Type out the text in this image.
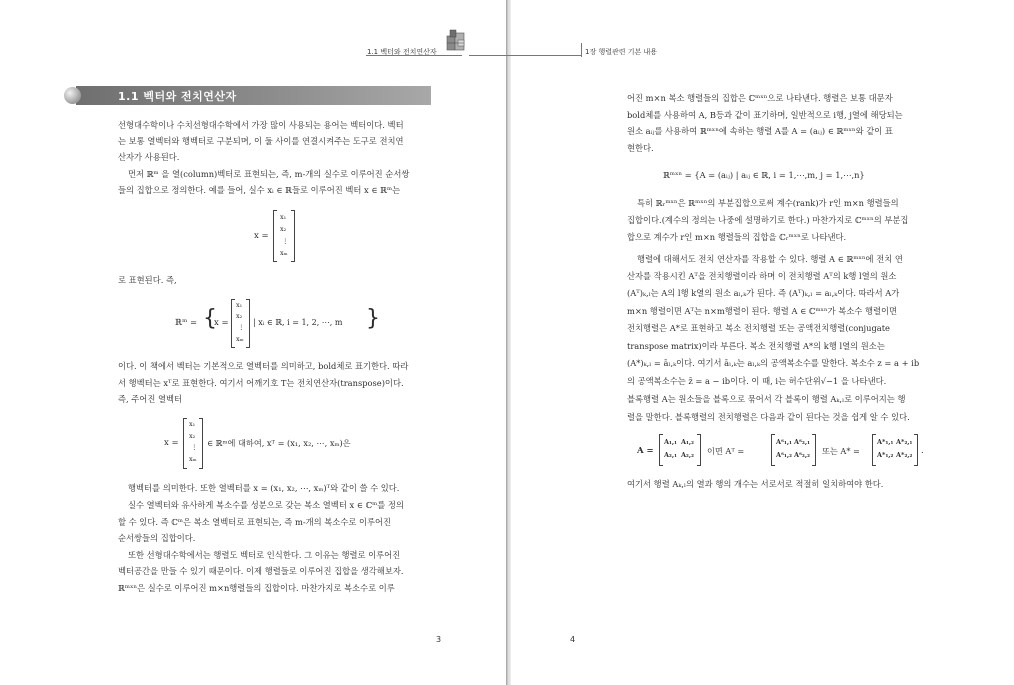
1.1 벡터와 전치연산자
1.1 벡터와 전치연산자
선형대수학이나 수치선형대수학에서 가장 많이 사용되는 용어는 벡터이다. 벡터
는 보통 열벡터와 행벡터로 구분되며, 이 둘 사이를 연결시켜주는 도구로 전치연
산자가 사용된다.
먼저 ℝᵐ 을 열(column)벡터로 표현되는, 즉, m-개의 실수로 이루어진 순서쌍
들의 집합으로 정의한다. 예를 들어, 실수 xᵢ ∈ ℝ들로 이루어진 벡터 x ∈ ℝᵐ는
x =
x₁
x₂
⋮
xₘ
로 표현된다. 즉,
ℝᵐ = {
x =
x₁
x₂
⋮
xₘ
| xᵢ ∈ ℝ, i = 1, 2, ⋯, m }
이다. 이 책에서 벡터는 기본적으로 열벡터를 의미하고, bold체로 표기한다. 따라
서 행벡터는 xᵀ로 표현한다. 여기서 어깨기호 T는 전치연산자(transpose)이다.
즉, 주어진 열벡터
x =
x₁
x₂
⋮
xₘ
∈ ℝᵐ에 대하여, xᵀ = (x₁, x₂, ⋯, xₘ)은
행벡터를 의미한다. 또한 열벡터를 x = (x₁, x₂, ⋯, xₘ)ᵀ와 같이 쓸 수 있다.
실수 열벡터와 유사하게 복소수를 성분으로 갖는 복소 열벡터 x ∈ ℂᵐ를 정의
할 수 있다. 즉 ℂᵐ은 복소 열벡터로 표현되는, 즉 m-개의 복소수로 이루어진
순서쌍들의 집합이다.
또한 선형대수학에서는 행렬도 벡터로 인식한다. 그 이유는 행렬로 이루어진
벡터공간을 만들 수 있기 때문이다. 이제 행렬들로 이루어진 집합을 생각해보자.
ℝᵐˣⁿ은 실수로 이루어진 m×n행렬들의 집합이다. 마찬가지로 복소수로 이루
3
1장 행렬관련 기본 내용
어진 m×n 복소 행렬들의 집합은 ℂᵐˣⁿ으로 나타낸다. 행렬은 보통 대문자
bold체를 사용하여 A, B등과 같이 표기하며, 일반적으로 i행, j열에 해당되는
원소 aᵢⱼ를 사용하여 ℝᵐˣⁿ에 속하는 행렬 A를 A = (aᵢⱼ) ∈ ℝᵐˣⁿ와 같이 표
현한다.
ℝᵐˣⁿ = {A = (aᵢⱼ) | aᵢⱼ ∈ ℝ, i = 1,⋯,m, j = 1,⋯,n}
특히 ℝᵣᵐˣⁿ은 ℝᵐˣⁿ의 부분집합으로써 계수(rank)가 r인 m×n 행렬들의
집합이다.(계수의 정의는 나중에 설명하기로 한다.) 마찬가지로 ℂᵐˣⁿ의 부분집
합으로 계수가 r인 m×n 행렬들의 집합을 ℂᵣᵐˣⁿ로 나타낸다.
행렬에 대해서도 전치 연산자를 작용할 수 있다. 행렬 A ∈ ℝᵐˣⁿ에 전치 연
산자를 작용시킨 Aᵀ을 전치행렬이라 하며 이 전치행렬 Aᵀ의 k행 l열의 원소
(Aᵀ)ₖ,ₗ는 A의 l행 k열의 원소 aₗ,ₖ가 된다. 즉 (Aᵀ)ₖ,ₗ = aₗ,ₖ이다. 따라서 A가
m×n 행렬이면 Aᵀ는 n×m행렬이 된다. 행렬 A ∈ ℂᵐˣⁿ가 복소수 행렬이면
전치행렬은 A*로 표현하고 복소 전치행렬 또는 공액전치행렬(conjugate
transpose matrix)이라 부른다. 복소 전치행렬 A*의 k행 l열의 원소는
(A*)ₖ,ₗ = āₗ,ₖ이다. 여기서 āₗ,ₖ는 aₗ,ₖ의 공액복소수를 말한다. 복소수 z = a + ib
의 공액복소수는 z̄ = a − ib이다. 이 때, i는 허수단위√−1 을 나타낸다.
블록행렬 A는 원소들을 블록으로 묶어서 각 블록이 행렬 Aₖ,ₗ로 이루어지는 행
렬을 말한다. 블록행렬의 전치행렬은 다음과 같이 된다는 것을 쉽게 알 수 있다.
A =
A₁,₁ A₁,₂
A₂,₁ A₂,₂ 이면 Aᵀ =
Aᵀ₁,₁ Aᵀ₂,₁
Aᵀ₁,₂ Aᵀ₂,₂ 또는 A* =
A*₁,₁ A*₂,₁
A*₁,₂ A*₂,₂ .
여기서 행렬 Aₖ,ₗ의 열과 행의 개수는 서로서로 적절히 일치하여야 한다.
4
